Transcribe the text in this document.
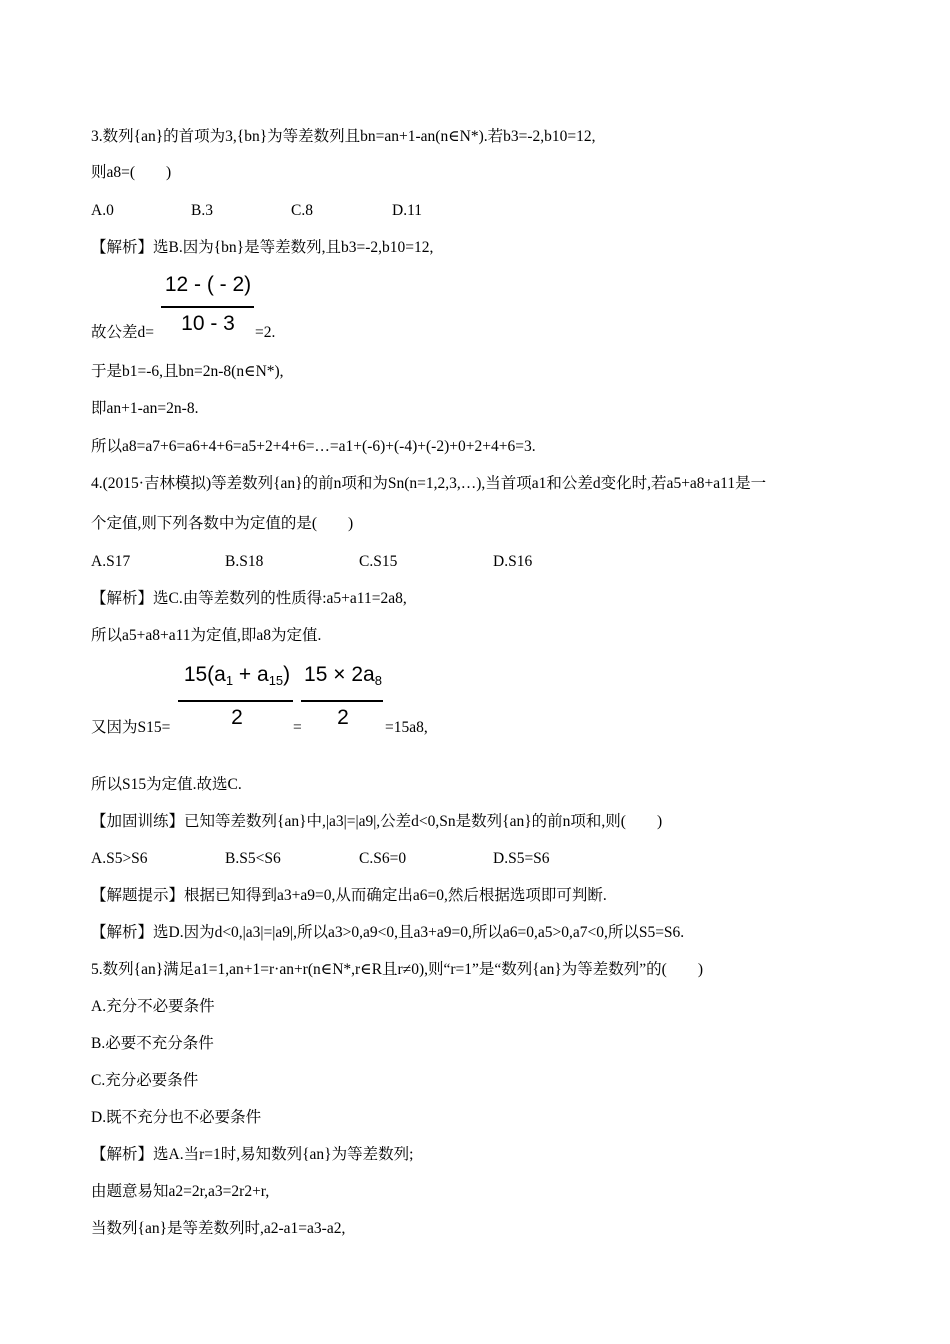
3.数列{an}的首项为3,{bn}为等差数列且bn=an+1-an(n∈N*).若b3=-2,b10=12,
则a8=(　　)
A.0	B.3	C.8	D.11
【解析】选B.因为{bn}是等差数列,且b3=-2,b10=12,
12 - ( - 2)
10 - 3
故公差d=	=2.
于是b1=-6,且bn=2n-8(n∈N*),
即an+1-an=2n-8.
所以a8=a7+6=a6+4+6=a5+2+4+6=…=a1+(-6)+(-4)+(-2)+0+2+4+6=3.
4.(2015·吉林模拟)等差数列{an}的前n项和为Sn(n=1,2,3,…),当首项a1和公差d变化时,若a5+a8+a11是一
个定值,则下列各数中为定值的是(　　)
A.S17	B.S18	C.S15	D.S16
【解析】选C.由等差数列的性质得:a5+a11=2a8,
所以a5+a8+a11为定值,即a8为定值.
$15(a_1 + a_{15})$
2
$15 \times 2a_8$
2
又因为S15=	=	=15a8,
所以S15为定值.故选C.
【加固训练】已知等差数列{an}中,|a3|=|a9|,公差d<0,Sn是数列{an}的前n项和,则(　　)
A.S5>S6	B.S5<S6	C.S6=0	D.S5=S6
【解题提示】根据已知得到a3+a9=0,从而确定出a6=0,然后根据选项即可判断.
【解析】选D.因为d<0,|a3|=|a9|,所以a3>0,a9<0,且a3+a9=0,所以a6=0,a5>0,a7<0,所以S5=S6.
5.数列{an}满足a1=1,an+1=r·an+r(n∈N*,r∈R且r≠0),则“r=1”是“数列{an}为等差数列”的(　　)
A.充分不必要条件
B.必要不充分条件
C.充分必要条件
D.既不充分也不必要条件
【解析】选A.当r=1时,易知数列{an}为等差数列;
由题意易知a2=2r,a3=2r2+r,
当数列{an}是等差数列时,a2-a1=a3-a2,
